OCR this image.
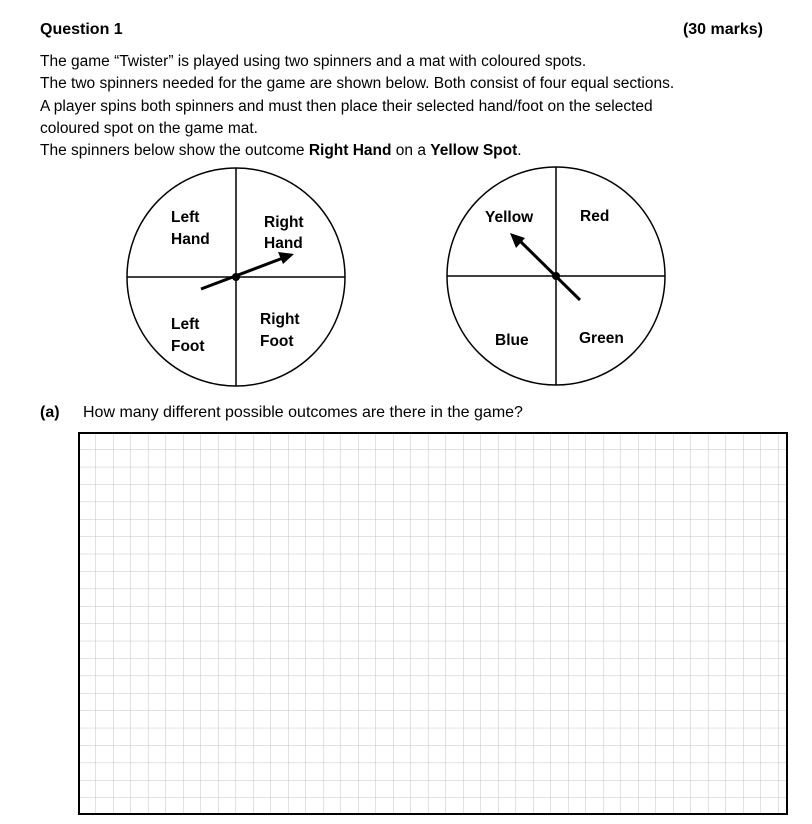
Question 1	(30 marks)

The game “Twister” is played using two spinners and a mat with coloured spots.

The two spinners needed for the game are shown below. Both consist of four equal sections.

A player spins both spinners and must then place their selected hand/foot on the selected

coloured spot on the game mat.

The spinners below show the outcome Right Hand on a Yellow Spot.

Left
Hand
Right
Hand
Left
Foot
Right
Foot
Yellow	Red
Blue	Green
(a) How many different possible outcomes are there in the game?
